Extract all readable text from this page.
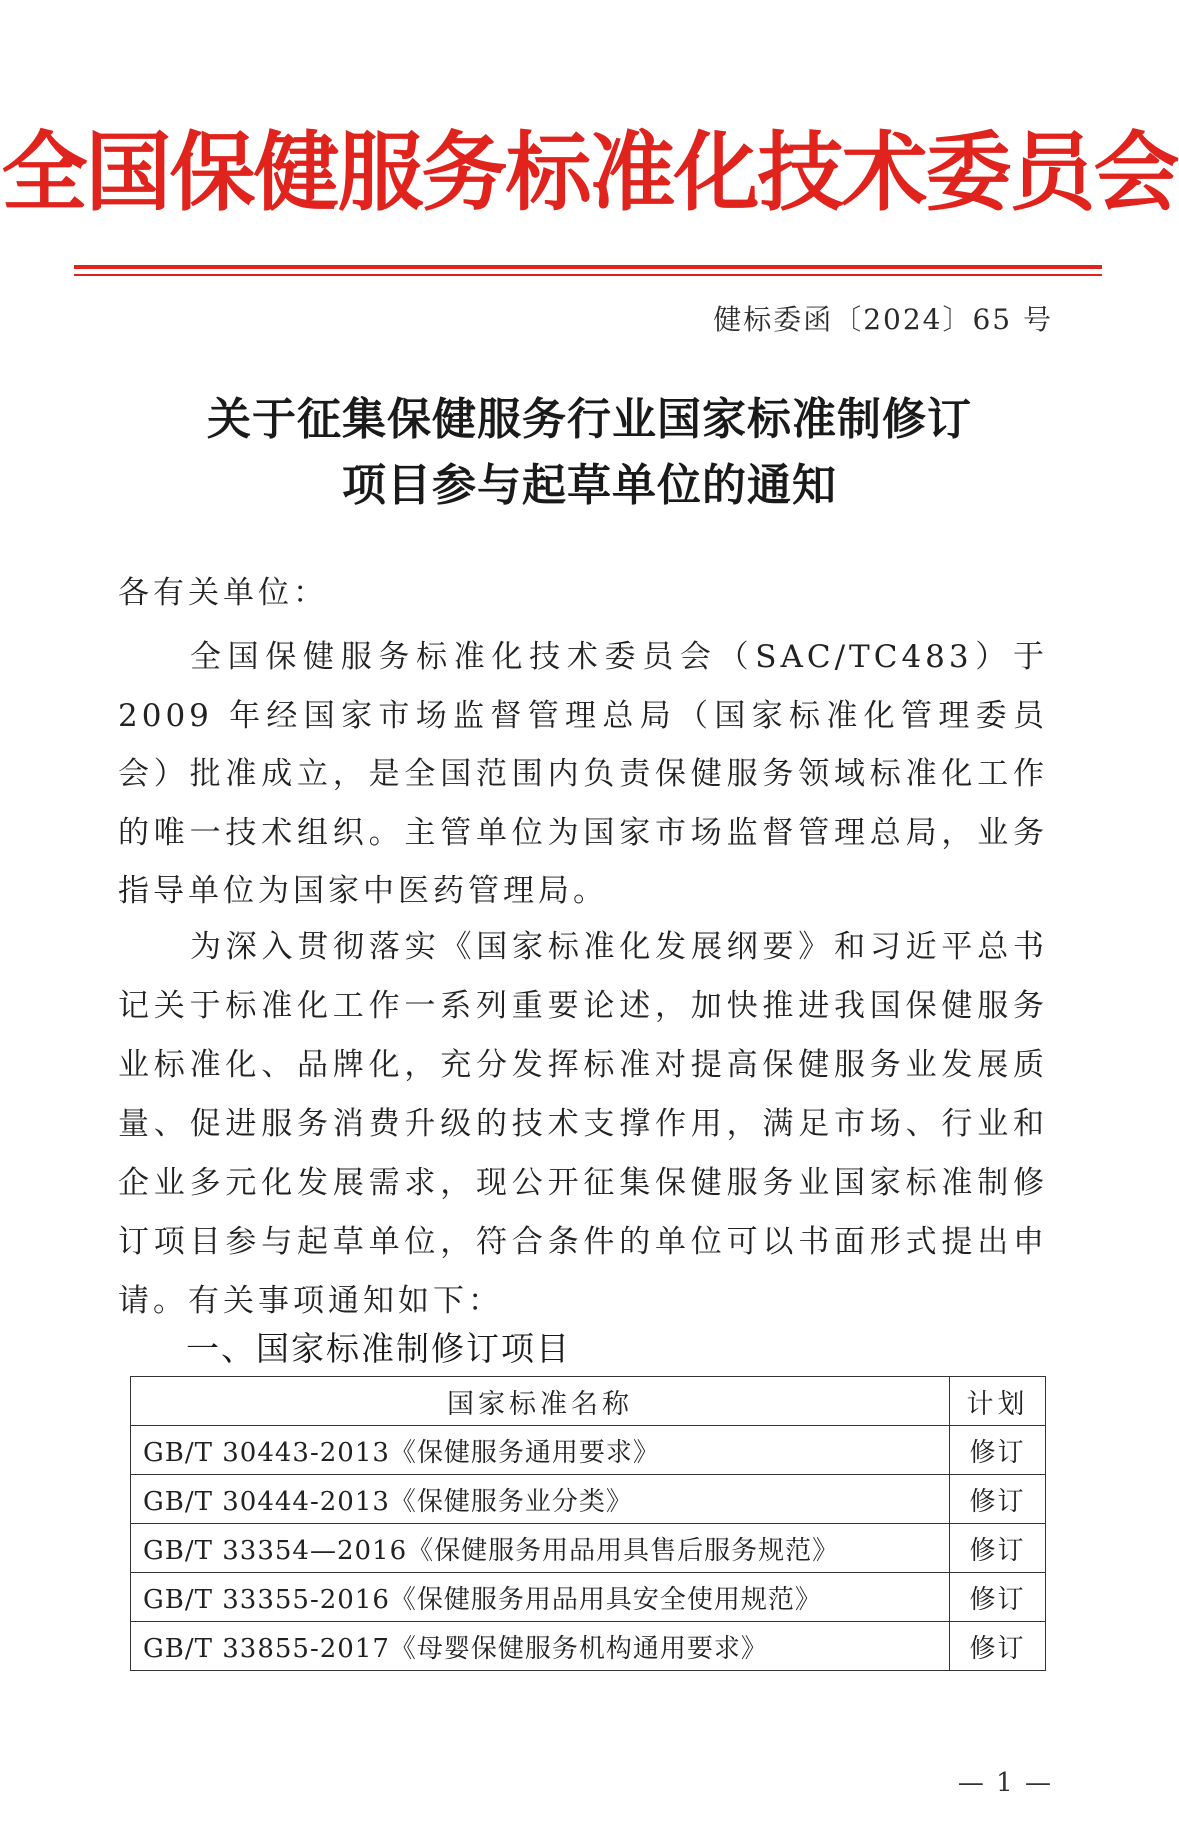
全国保健服务标准化技术委员会
健标委函〔2024〕65 号
关于征集保健服务行业国家标准制修订
项目参与起草单位的通知
各有关单位：
全国保健服务标准化技术委员会（SAC/TC483）于 2009 年经国家市场监督管理总局（国家标准化管理委员会）批准成立，是全国范围内负责保健服务领域标准化工作的唯一技术组织。主管单位为国家市场监督管理总局，业务指导单位为国家中医药管理局。
为深入贯彻落实《国家标准化发展纲要》和习近平总书记关于标准化工作一系列重要论述，加快推进我国保健服务业标准化、品牌化，充分发挥标准对提高保健服务业发展质量、促进服务消费升级的技术支撑作用，满足市场、行业和企业多元化发展需求，现公开征集保健服务业国家标准制修订项目参与起草单位，符合条件的单位可以书面形式提出申请。有关事项通知如下：
一、国家标准制修订项目
国家标准名称	计划
GB/T 30443-2013《保健服务通用要求》	修订
GB/T 30444-2013《保健服务业分类》	修订
GB/T 33354—2016《保健服务用品用具售后服务规范》	修订
GB/T 33355-2016《保健服务用品用具安全使用规范》	修订
GB/T 33855-2017《母婴保健服务机构通用要求》	修订
— 1 —
